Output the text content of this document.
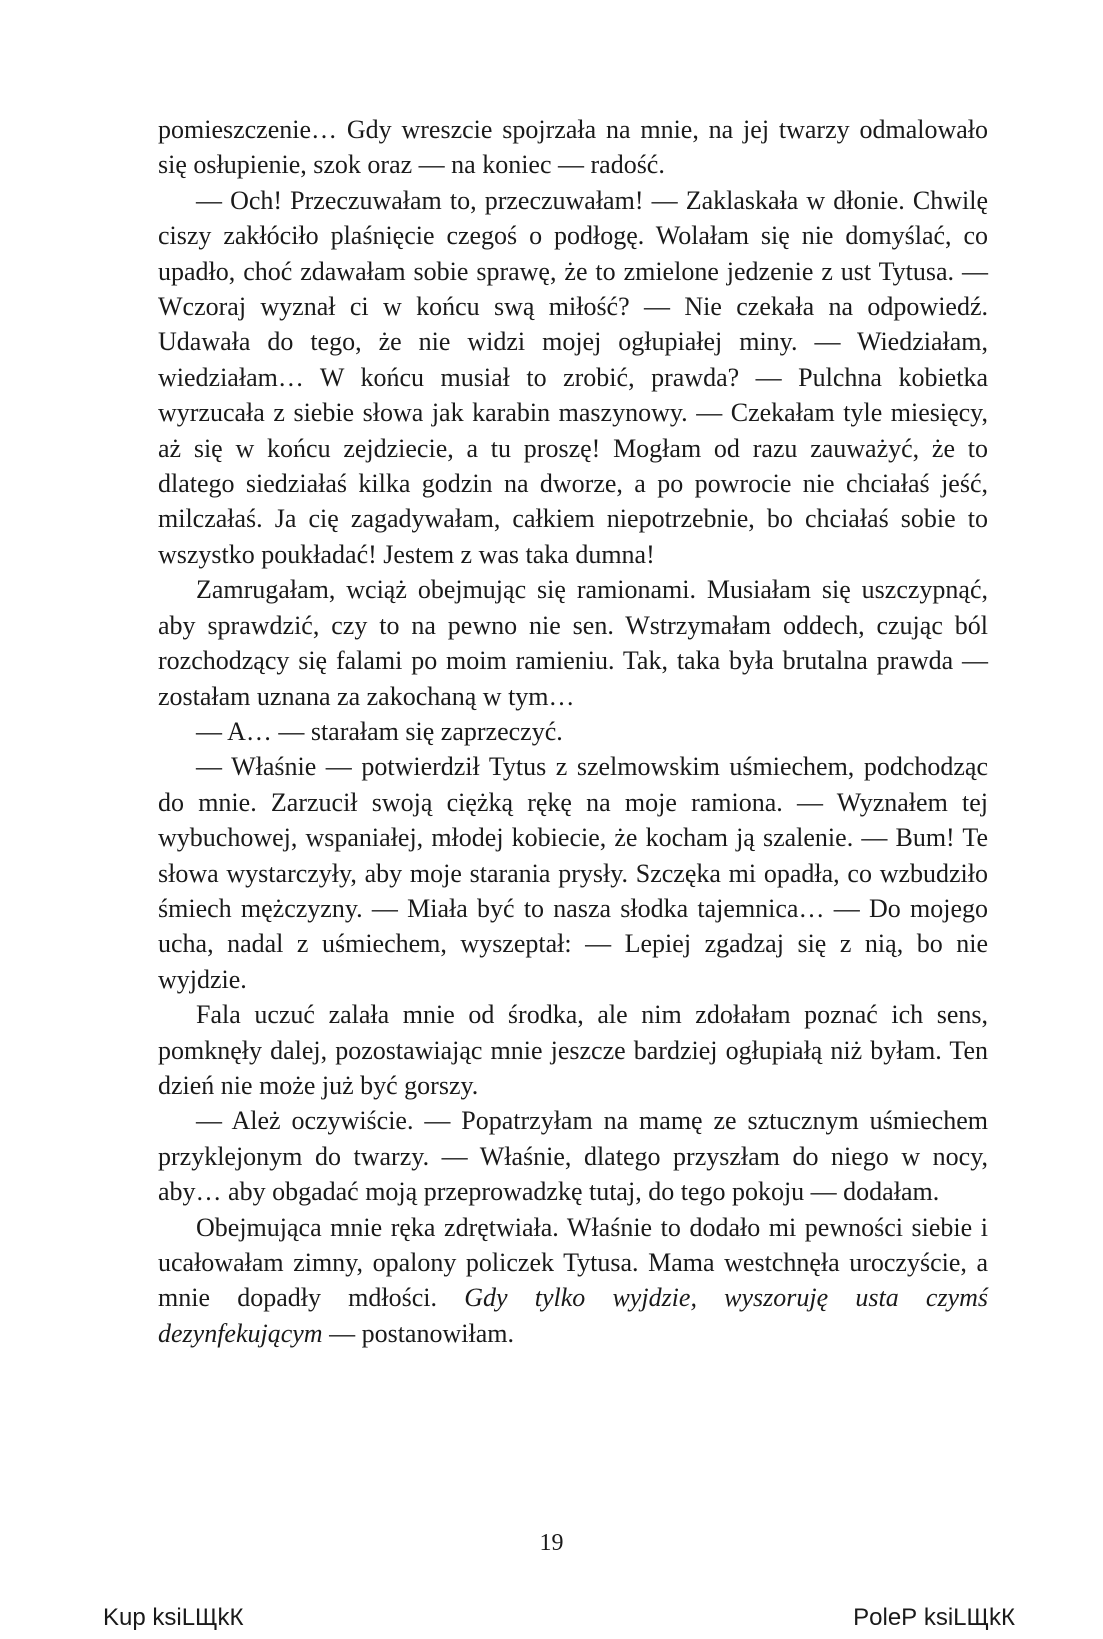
pomieszczenie… Gdy wreszcie spojrzała na mnie, na jej twarzy odmalowało się osłupienie, szok oraz — na koniec — radość.

— Och! Przeczuwałam to, przeczuwałam! — Zaklaskała w dłonie. Chwilę ciszy zakłóciło plaśnięcie czegoś o podłogę. Wolałam się nie domyślać, co upadło, choć zdawałam sobie sprawę, że to zmielone jedzenie z ust Tytusa. — Wczoraj wyznał ci w końcu swą miłość? — Nie czekała na odpowiedź. Udawała do tego, że nie widzi mojej ogłupiałej miny. — Wiedziałam, wiedziałam… W końcu musiał to zrobić, prawda? — Pulchna kobietka wyrzucała z siebie słowa jak karabin maszynowy. — Czekałam tyle miesięcy, aż się w końcu zejdziecie, a tu proszę! Mogłam od razu zauważyć, że to dlatego siedziałaś kilka godzin na dworze, a po powrocie nie chciałaś jeść, milczałaś. Ja cię zagadywałam, całkiem niepotrzebnie, bo chciałaś sobie to wszystko poukładać! Jestem z was taka dumna!

Zamrugałam, wciąż obejmując się ramionami. Musiałam się uszczypnąć, aby sprawdzić, czy to na pewno nie sen. Wstrzymałam oddech, czując ból rozchodzący się falami po moim ramieniu. Tak, taka była brutalna prawda — zostałam uznana za zakochaną w tym…

— A… — starałam się zaprzeczyć.

— Właśnie — potwierdził Tytus z szelmowskim uśmiechem, podchodząc do mnie. Zarzucił swoją ciężką rękę na moje ramiona. — Wyznałem tej wybuchowej, wspaniałej, młodej kobiecie, że kocham ją szalenie. — Bum! Te słowa wystarczyły, aby moje starania prysły. Szczęka mi opadła, co wzbudziło śmiech mężczyzny. — Miała być to nasza słodka tajemnica… — Do mojego ucha, nadal z uśmiechem, wyszeptał: — Lepiej zgadzaj się z nią, bo nie wyjdzie.

Fala uczuć zalała mnie od środka, ale nim zdołałam poznać ich sens, pomknęły dalej, pozostawiając mnie jeszcze bardziej ogłupiałą niż byłam. Ten dzień nie może już być gorszy.

— Ależ oczywiście. — Popatrzyłam na mamę ze sztucznym uśmiechem przyklejonym do twarzy. — Właśnie, dlatego przyszłam do niego w nocy, aby… aby obgadać moją przeprowadzkę tutaj, do tego pokoju — dodałam.

Obejmująca mnie ręka zdrętwiała. Właśnie to dodało mi pewności siebie i ucałowałam zimny, opalony policzek Tytusa. Mama westchnęła uroczyście, a mnie dopadły mdłości. Gdy tylko wyjdzie, wyszoruję usta czymś dezynfekującym — postanowiłam.

19
Kup ksiLЩkК	PoleР ksiLЩkК
